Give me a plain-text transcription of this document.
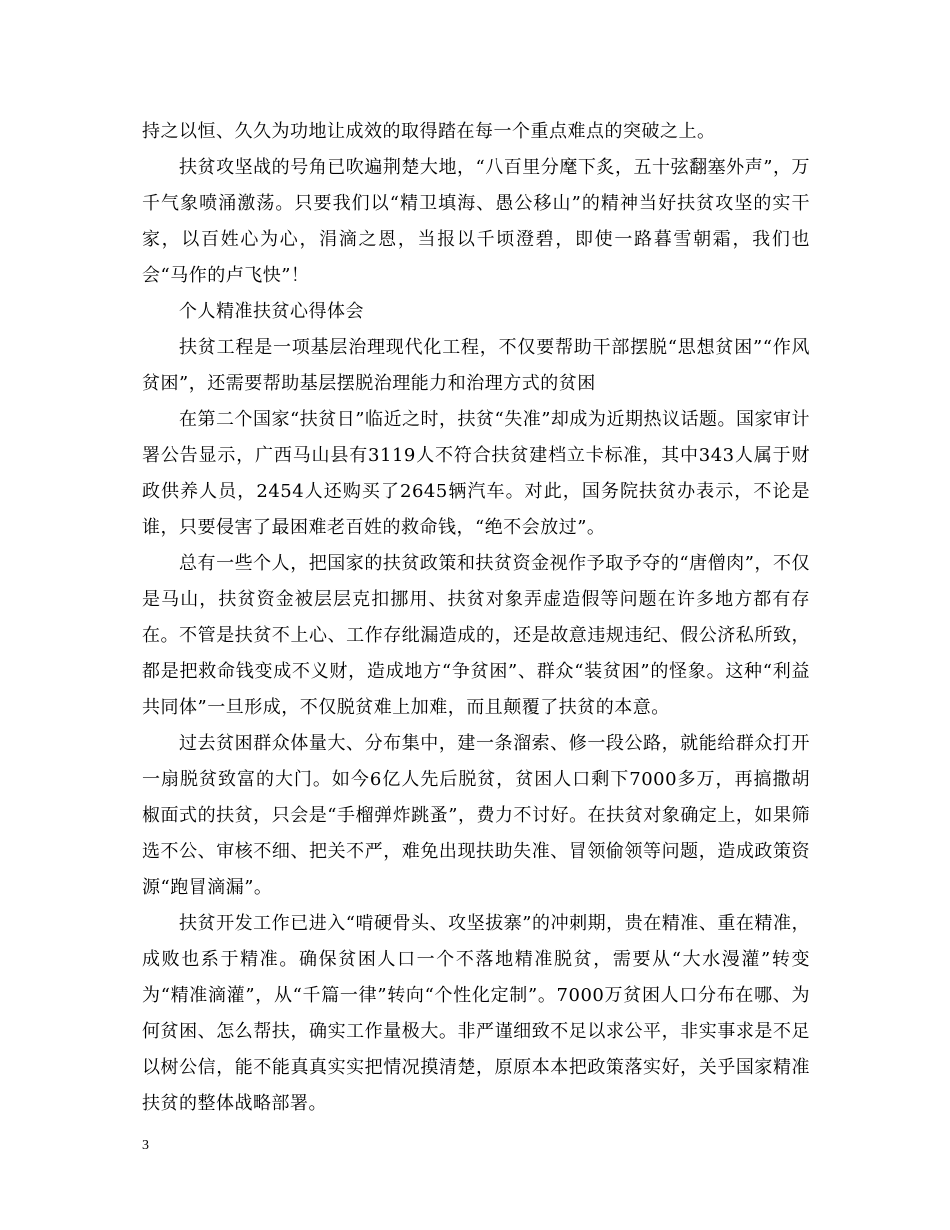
持之以恒、久久为功地让成效的取得踏在每一个重点难点的突破之上。

扶贫攻坚战的号角已吹遍荆楚大地，“八百里分麾下炙，五十弦翻塞外声”，万千气象喷涌激荡。只要我们以“精卫填海、愚公移山”的精神当好扶贫攻坚的实干家，以百姓心为心，涓滴之恩，当报以千顷澄碧，即使一路暮雪朝霜，我们也会“马作的卢飞快”！

个人精准扶贫心得体会

扶贫工程是一项基层治理现代化工程，不仅要帮助干部摆脱“思想贫困”“作风贫困”，还需要帮助基层摆脱治理能力和治理方式的贫困

在第二个国家“扶贫日”临近之时，扶贫“失准”却成为近期热议话题。国家审计署公告显示，广西马山县有3119人不符合扶贫建档立卡标准，其中343人属于财政供养人员，2454人还购买了2645辆汽车。对此，国务院扶贫办表示，不论是谁，只要侵害了最困难老百姓的救命钱，“绝不会放过”。

总有一些个人，把国家的扶贫政策和扶贫资金视作予取予夺的“唐僧肉”，不仅是马山，扶贫资金被层层克扣挪用、扶贫对象弄虚造假等问题在许多地方都有存在。不管是扶贫不上心、工作存纰漏造成的，还是故意违规违纪、假公济私所致，都是把救命钱变成不义财，造成地方“争贫困”、群众“装贫困”的怪象。这种“利益共同体”一旦形成，不仅脱贫难上加难，而且颠覆了扶贫的本意。

过去贫困群众体量大、分布集中，建一条溜索、修一段公路，就能给群众打开一扇脱贫致富的大门。如今6亿人先后脱贫，贫困人口剩下7000多万，再搞撒胡椒面式的扶贫，只会是“手榴弹炸跳蚤”，费力不讨好。在扶贫对象确定上，如果筛选不公、审核不细、把关不严，难免出现扶助失准、冒领偷领等问题，造成政策资源“跑冒滴漏”。

扶贫开发工作已进入“啃硬骨头、攻坚拔寨”的冲刺期，贵在精准、重在精准，成败也系于精准。确保贫困人口一个不落地精准脱贫，需要从“大水漫灌”转变为“精准滴灌”，从“千篇一律”转向“个性化定制”。7000万贫困人口分布在哪、为何贫困、怎么帮扶，确实工作量极大。非严谨细致不足以求公平，非实事求是不足以树公信，能不能真真实实把情况摸清楚，原原本本把政策落实好，关乎国家精准扶贫的整体战略部署。

3
